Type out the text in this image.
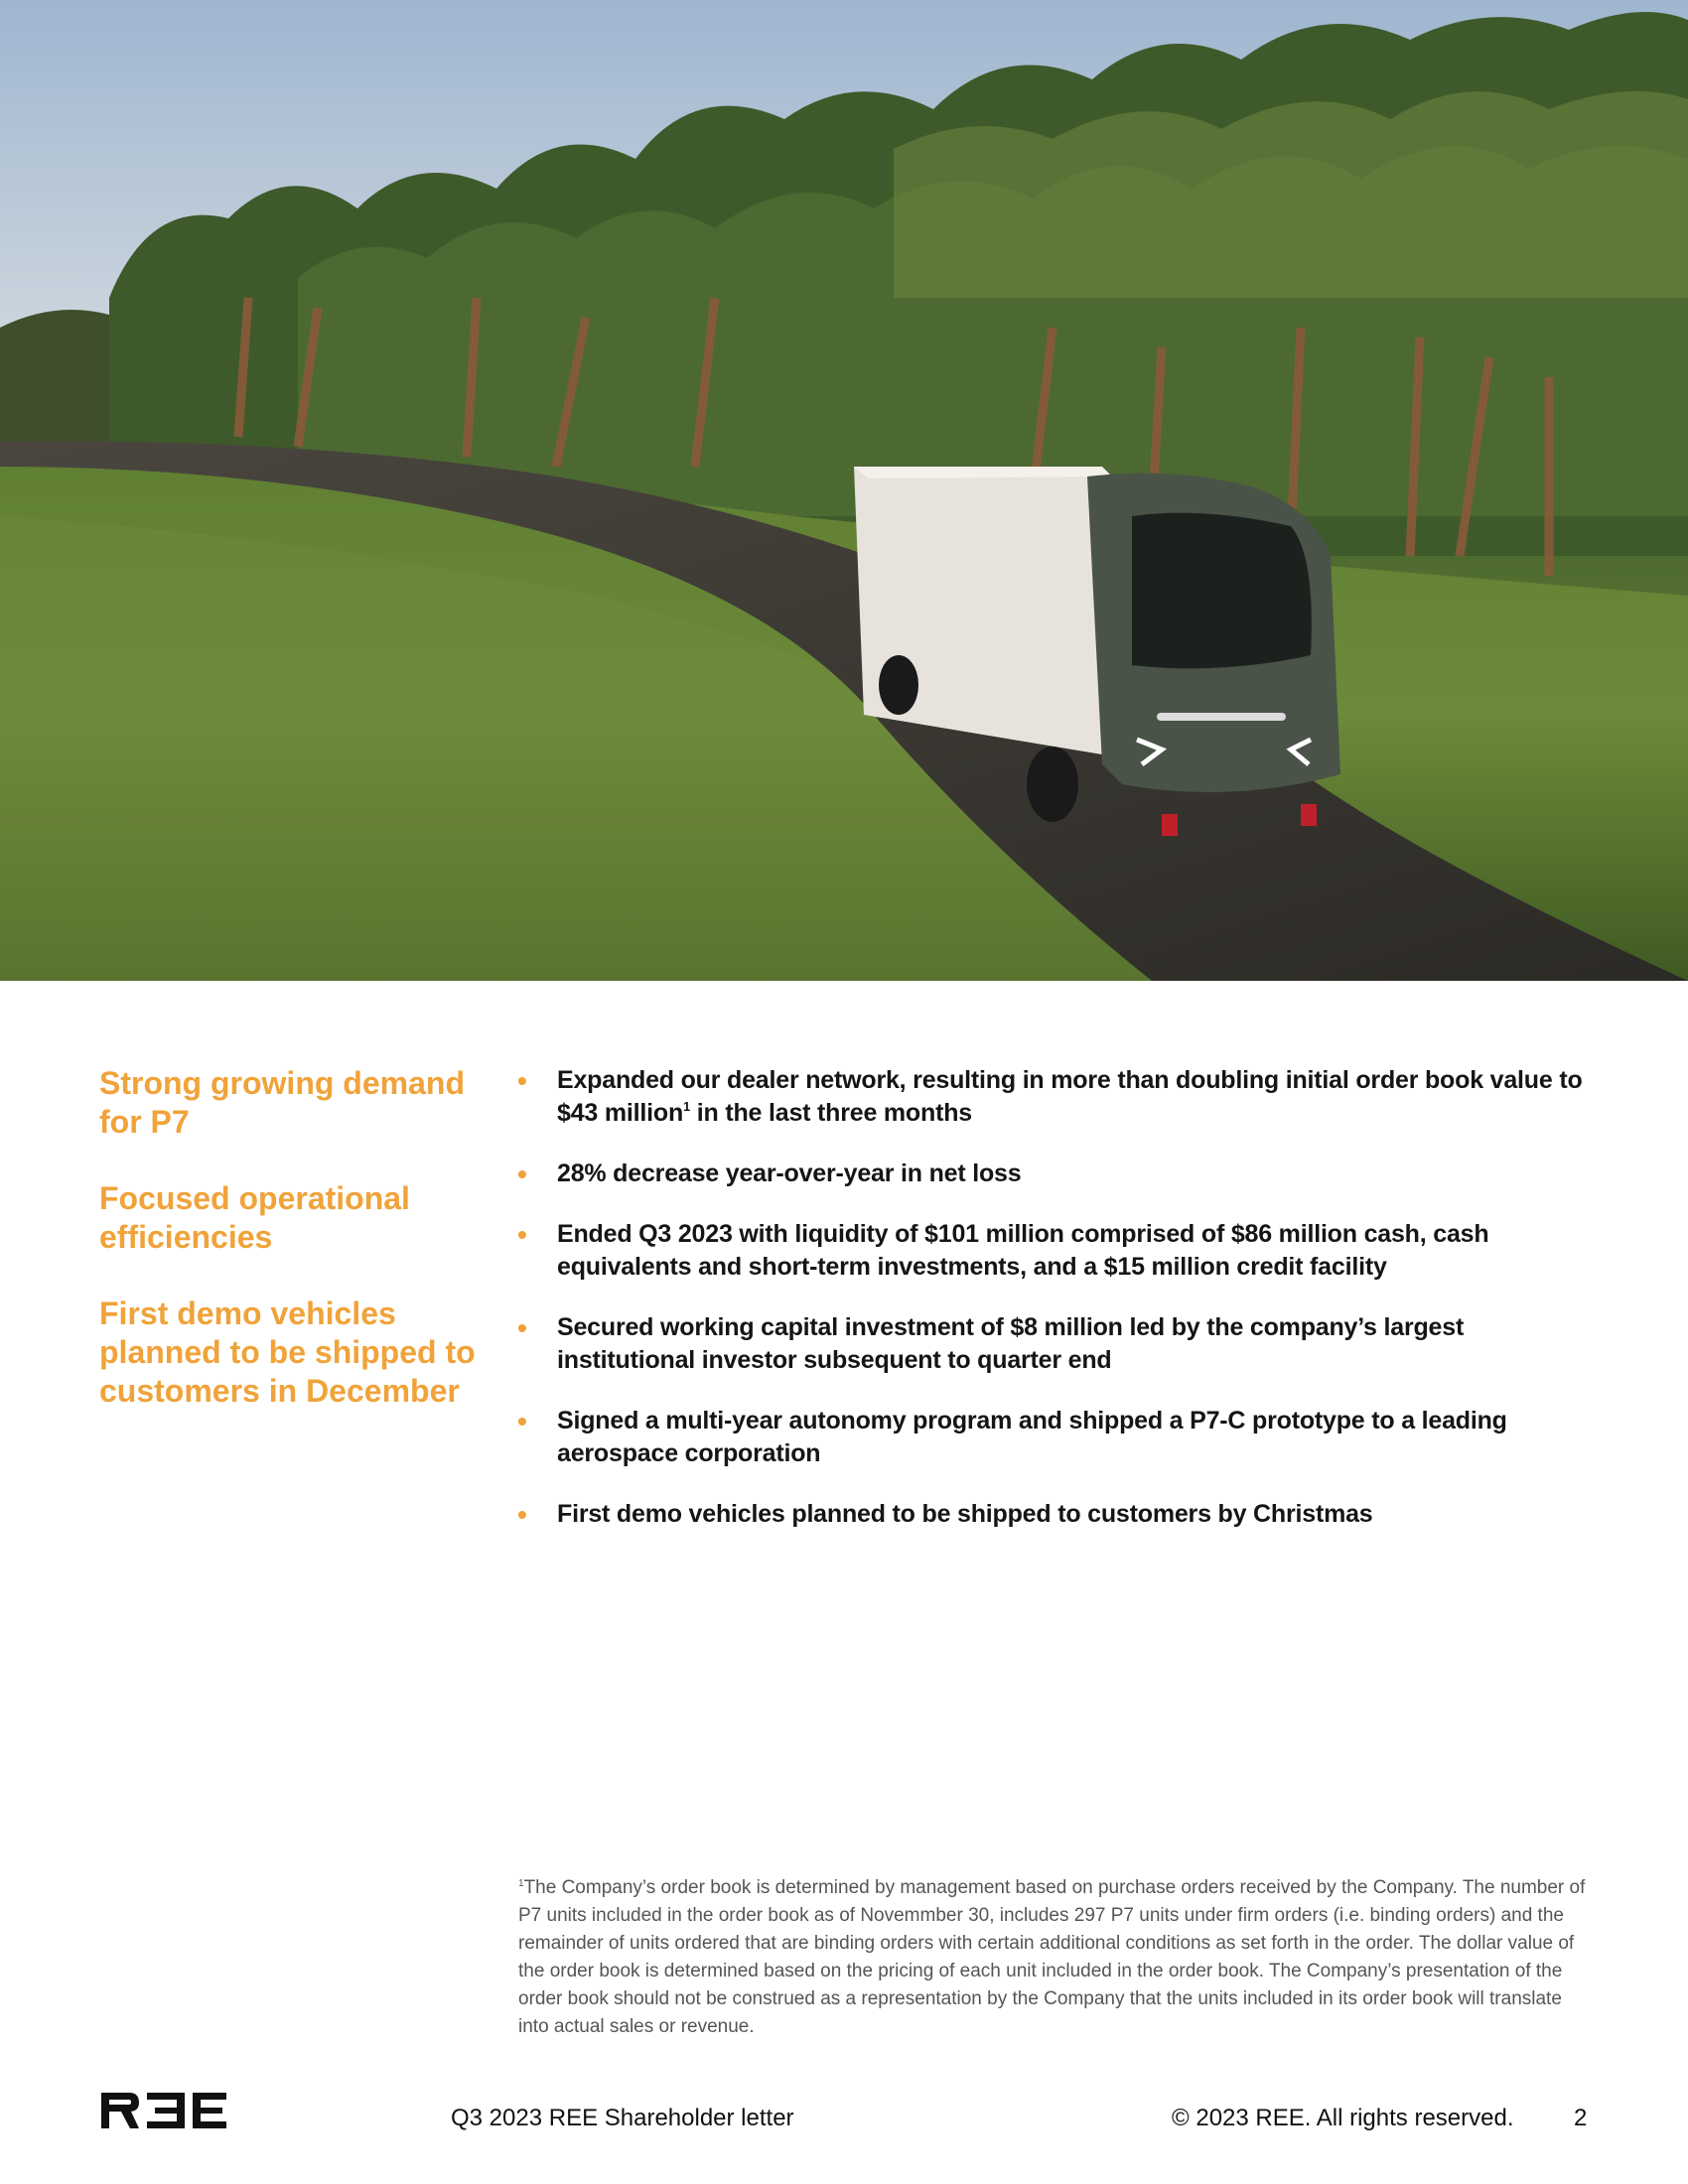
Strong growing demand for P7

Focused operational efficiencies

First demo vehicles planned to be shipped to customers in December

• Expanded our dealer network, resulting in more than doubling initial order book value to $43 million$^1$ in the last three months
• 28% decrease year-over-year in net loss
• Ended Q3 2023 with liquidity of $101 million comprised of $86 million cash, cash equivalents and short-term investments, and a $15 million credit facility
• Secured working capital investment of $8 million led by the company’s largest institutional investor subsequent to quarter end
• Signed a multi-year autonomy program and shipped a P7-C prototype to a leading aerospace corporation
• First demo vehicles planned to be shipped to customers by Christmas
$^1$The Company’s order book is determined by management based on purchase orders received by the Company. The number of P7 units included in the order book as of Novemmber 30, includes 297 P7 units under firm orders (i.e. binding orders) and the remainder of units ordered that are binding orders with certain additional conditions as set forth in the order. The dollar value of the order book is determined based on the pricing of each unit included in the order book. The Company’s presentation of the order book should not be construed as a representation by the Company that the units included in its order book will translate into actual sales or revenue.
Q3 2023 REE Shareholder letter	© 2023 REE. All rights reserved.	2
